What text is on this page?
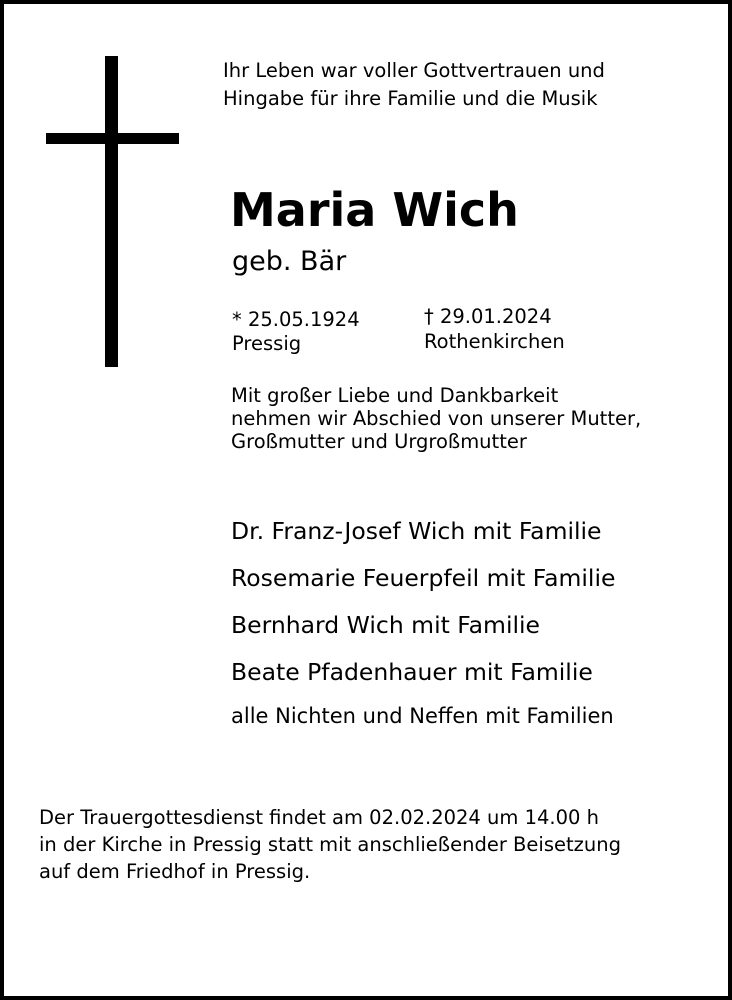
Ihr Leben war voller Gottvertrauen und
Hingabe für ihre Familie und die Musik
Maria Wich
geb. Bär
* 25.05.1924
Pressig
† 29.01.2024
Rothenkirchen
Mit großer Liebe und Dankbarkeit
nehmen wir Abschied von unserer Mutter,
Großmutter und Urgroßmutter
Dr. Franz-Josef Wich mit Familie
Rosemarie Feuerpfeil mit Familie
Bernhard Wich mit Familie
Beate Pfadenhauer mit Familie
alle Nichten und Neffen mit Familien
Der Trauergottesdienst findet am 02.02.2024 um 14.00 h
in der Kirche in Pressig statt mit anschließender Beisetzung
auf dem Friedhof in Pressig.
